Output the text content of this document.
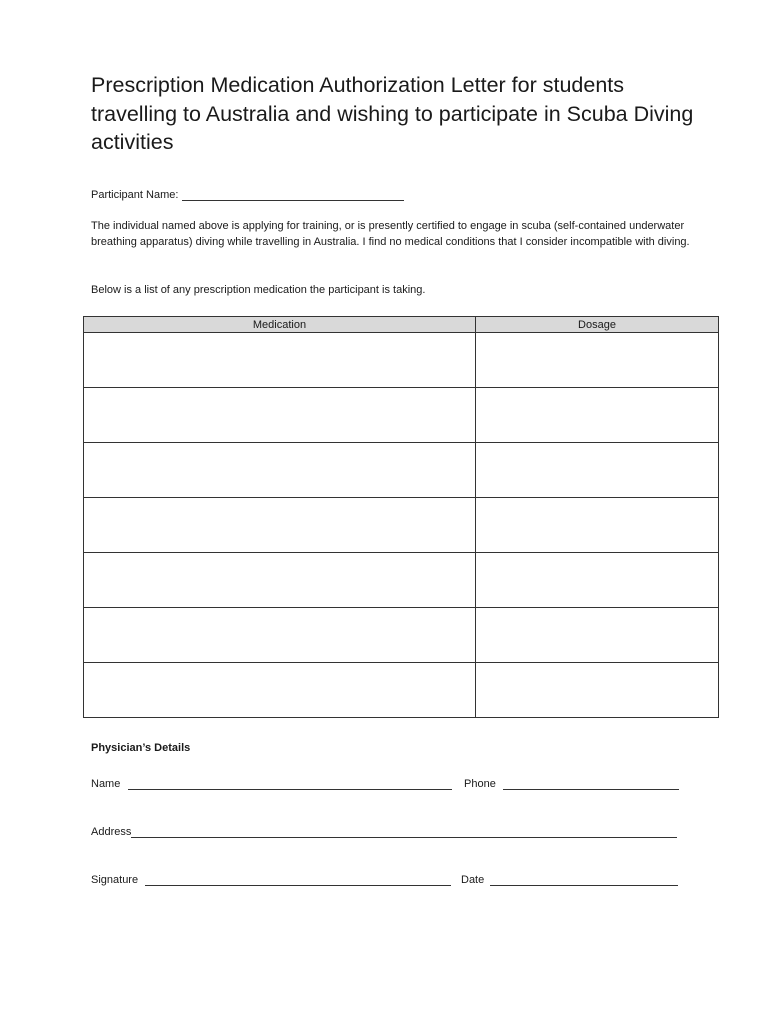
Prescription Medication Authorization Letter for students travelling to Australia and wishing to participate in Scuba Diving activities
Participant Name:

The individual named above is applying for training, or is presently certified to engage in scuba (self-contained underwater breathing apparatus) diving while travelling in Australia. I find no medical conditions that I consider incompatible with diving.

Below is a list of any prescription medication the participant is taking.

Medication	Dosage

Physician’s Details

Name	Phone
Address
Signature	Date
